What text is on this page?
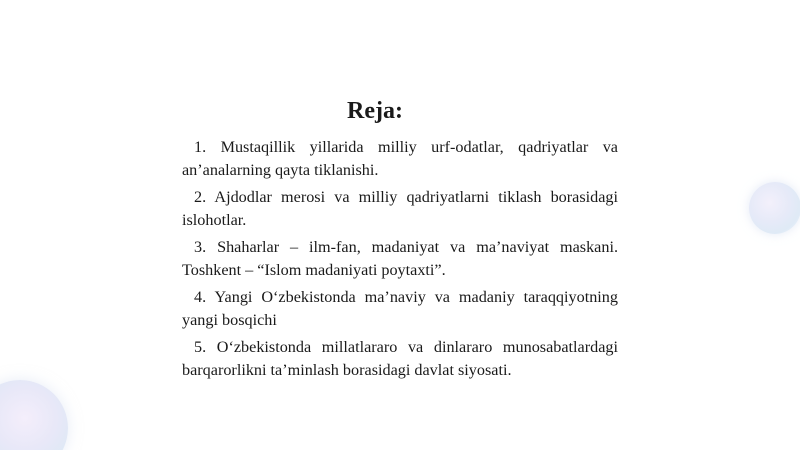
Reja:
1. Mustaqillik yillarida milliy urf-odatlar, qadriyatlar va an’analarning qayta tiklanishi.
2. Ajdodlar merosi va milliy qadriyatlarni tiklash borasidagi islohotlar.
3. Shaharlar – ilm-fan, madaniyat va ma’naviyat maskani. Toshkent – “Islom madaniyati poytaxti”.
4. Yangi O‘zbekistonda ma’naviy va madaniy taraqqiyotning yangi bosqichi
5. O‘zbekistonda millatlararo va dinlararo munosabatlardagi barqarorlikni ta’minlash borasidagi davlat siyosati.
